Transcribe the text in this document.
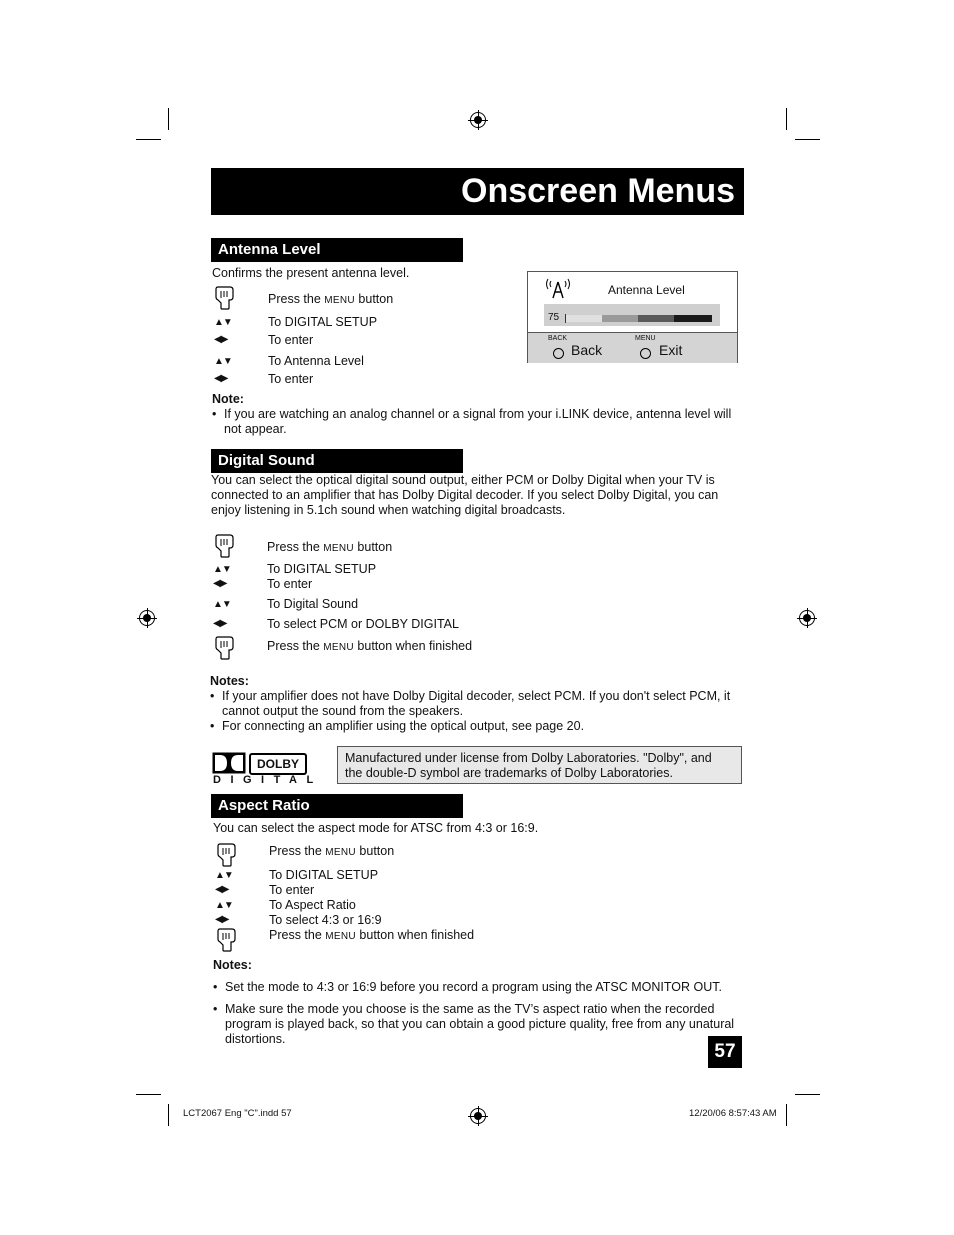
Onscreen Menus
Antenna Level
Confirms the present antenna level.
Press the MENU button
▲▼	To DIGITAL SETUP
◀▶	To enter
▲▼	To Antenna Level
◀▶	To enter
Antenna Level
75
BACK
Back
MENU
Exit
Note:
• If you are watching an analog channel or a signal from your i.LINK device, antenna level will
not appear.
Digital Sound
You can select the optical digital sound output, either PCM or Dolby Digital when your TV is
connected to an amplifier that has Dolby Digital decoder. If you select Dolby Digital, you can
enjoy listening in 5.1ch sound when watching digital broadcasts.
Press the MENU button
▲▼	To DIGITAL SETUP
◀▶	To enter
▲▼	To Digital Sound
◀▶	To select PCM or DOLBY DIGITAL
Press the MENU button when finished
Notes:
• If your amplifier does not have Dolby Digital decoder, select PCM. If you don't select PCM, it
cannot output the sound from the speakers.
• For connecting an amplifier using the optical output, see page 20.
DOLBY
DIGITAL
Manufactured under license from Dolby Laboratories. "Dolby", and
the double-D symbol are trademarks of Dolby Laboratories.
Aspect Ratio
You can select the aspect mode for ATSC from 4:3 or 16:9.
Press the MENU button
▲▼	To DIGITAL SETUP
◀▶	To enter
▲▼	To Aspect Ratio
◀▶	To select 4:3 or 16:9
Press the MENU button when finished
Notes:
• Set the mode to 4:3 or 16:9 before you record a program using the ATSC MONITOR OUT.
• Make sure the mode you choose is the same as the TV’s aspect ratio when the recorded
program is played back, so that you can obtain a good picture quality, free from any unatural
distortions.
57
LCT2067 Eng "C".indd 57	12/20/06 8:57:43 AM
